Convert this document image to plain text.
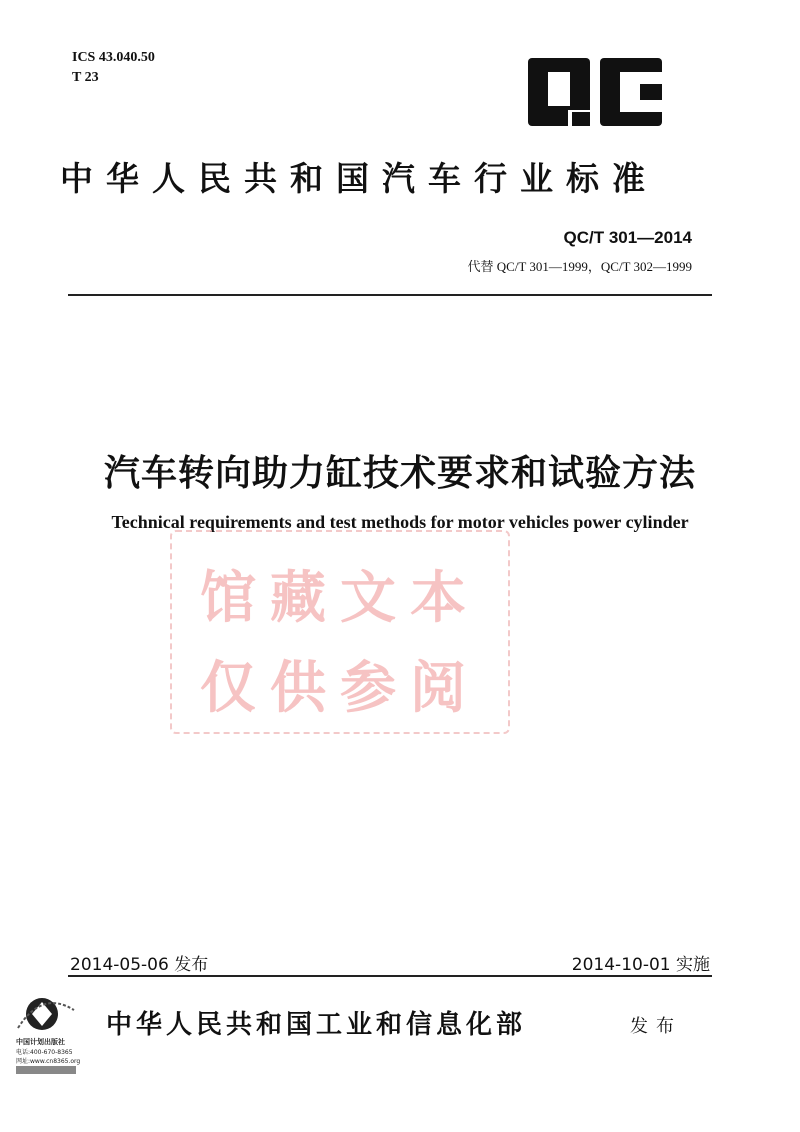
ICS 43.040.50
T 23
中华人民共和国汽车行业标准
QC/T 301—2014
代替 QC/T 301—1999，QC/T 302—1999
汽车转向助力缸技术要求和试验方法
Technical requirements and test methods for motor vehicles power cylinder
馆藏文本
仅供参阅
2014-05-06 发布	2014-10-01 实施
中国计划出版社
电话:400-670-8365
网址:www.cn8365.org
中华人民共和国工业和信息化部	发布
